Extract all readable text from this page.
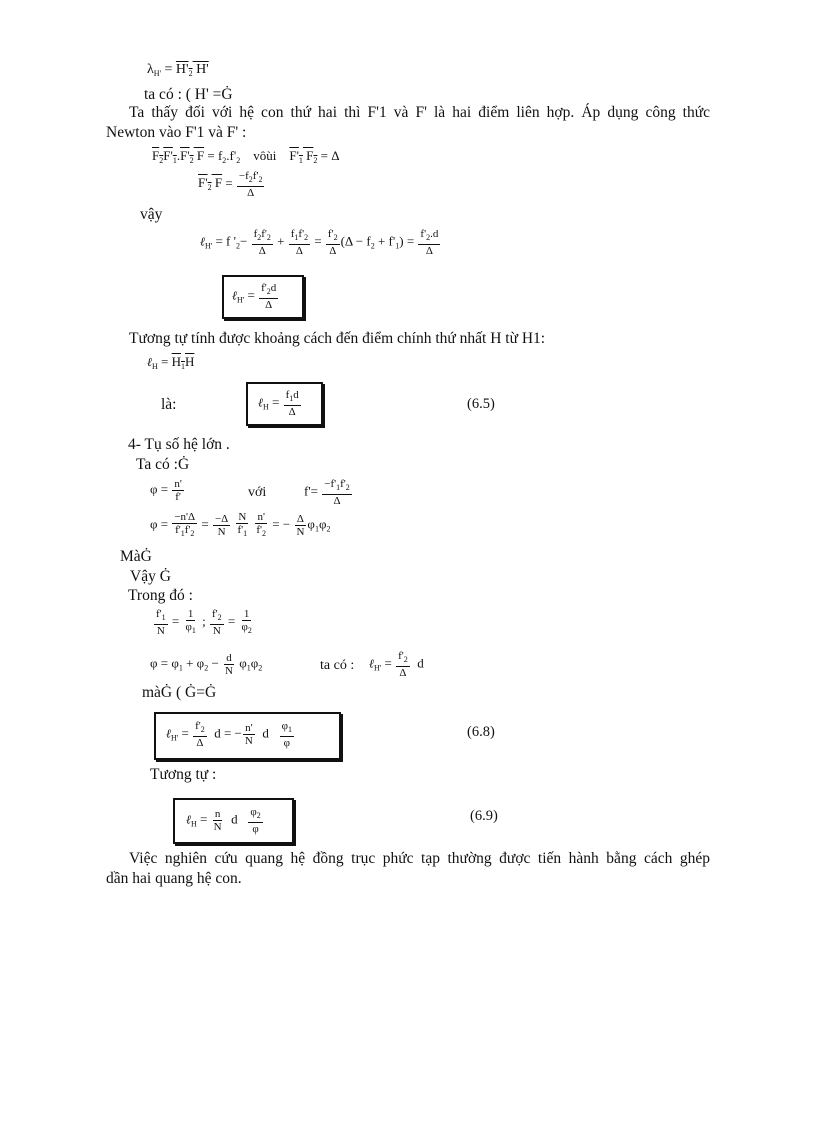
$\lambda_{H'} = H'_2$ H'
ta có : ( H' =Ġ
Ta thấy đối với hệ con thứ hai thì F'1 và F' là hai điểm liên hợp. Áp dụng công thức
Newton vào F'1 và F' :
$F_2F'_1.F'_2$ $F = f_2.f'_2$ vôùi $F'_1$ $F_2 = \Delta$
$F'_2$ $F = \frac{-f_2f'_2}{\Delta}$
vậy
ℓ$_{H'}$ = f '$_2- \frac{f_2f'_2}{\Delta} + \frac{f_1f'_2}{\Delta} = \frac{f'_2}{\Delta} (\Delta - f_2 + f'_1) = \frac{f'_2.d}{\Delta}$
ℓ$_{H'}$ = $\frac{f'_2d}{\Delta}$
Tương tự tính được khoảng cách đến điểm chính thứ nhất H từ H1:
ℓ$_H$ = $H_1H$
là:	ℓ$_H$ = $\frac{f_1d}{\Delta}$	(6.5)
4- Tụ số hệ lớn .
Ta có :Ġ
$\varphi = \frac{n'}{f'}$	với	$f'= \frac{-f'_1f'_2}{\Delta}$
$\varphi = \frac{-n'\Delta}{f'_1f'_2} = \frac{-\Delta}{N}$
$\frac{N}{f'_1}$
$\frac{n'}{f'_2}$ = − $\frac{\Delta}{N} \varphi_1\varphi_2$
MàĠ
Vậy Ġ
Trong đó :
$\frac{f'_1}{N} = \frac{1}{\varphi_1}$ ; $\frac{f'_2}{N} = \frac{1}{\varphi_2}$
$\varphi = \varphi_1 + \varphi_2 - \frac{d}{N} \varphi_1\varphi_2$	ta có : ℓ$_{H'}$ = $\frac{f'_2}{\Delta}$ d
màĠ ( Ġ=Ġ
ℓ$_{H'}$ = $\frac{f'_2}{\Delta}$ d = − $\frac{n'}{N}$ d $\frac{\varphi_1}{\varphi}$	(6.8)
Tương tự :
ℓ$_H$ = $\frac{n}{N}$ d $\frac{\varphi_2}{\varphi}$	(6.9)
Việc nghiên cứu quang hệ đồng trục phức tạp thường được tiến hành bằng cách ghép
dần hai quang hệ con.
